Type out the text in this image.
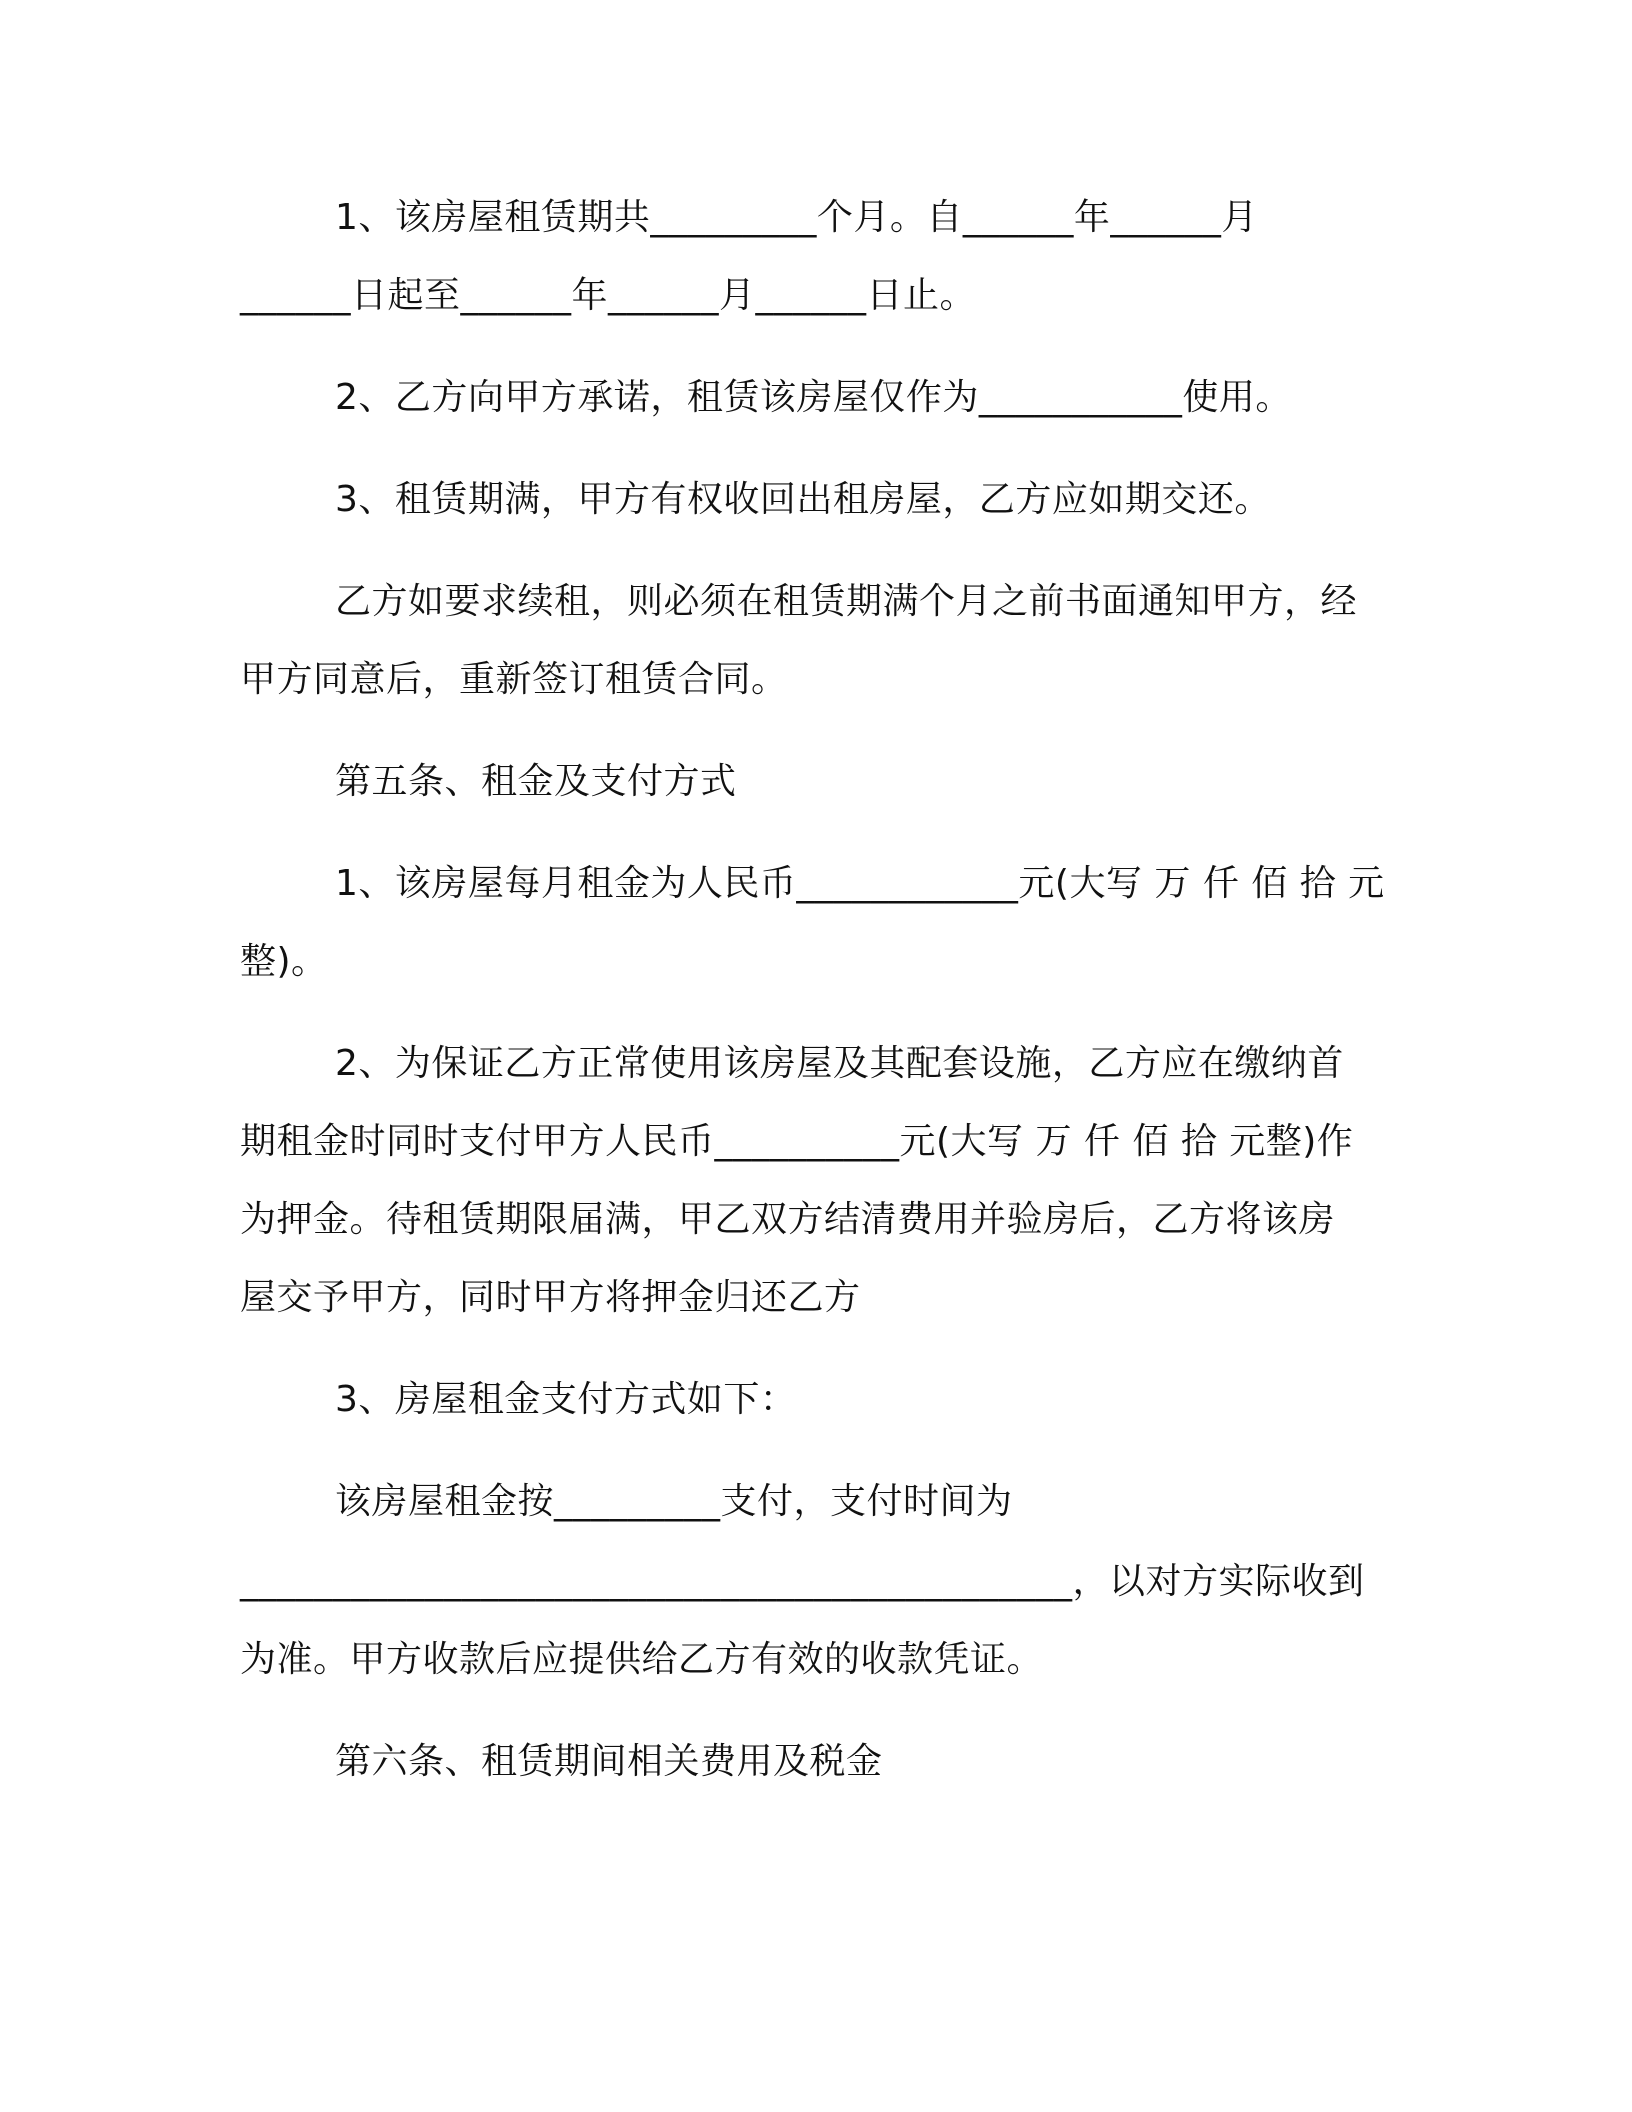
1、该房屋租赁期共_________个月。自______年______月
______日起至______年______月______日止。
2、乙方向甲方承诺，租赁该房屋仅作为___________使用。
3、租赁期满，甲方有权收回出租房屋，乙方应如期交还。
乙方如要求续租，则必须在租赁期满个月之前书面通知甲方，经
甲方同意后，重新签订租赁合同。
第五条、租金及支付方式
1、该房屋每月租金为人民币____________元(大写 万 仟 佰 拾 元
整)。
2、为保证乙方正常使用该房屋及其配套设施，乙方应在缴纳首
期租金时同时支付甲方人民币__________元(大写 万 仟 佰 拾 元整)作
为押金。待租赁期限届满，甲乙双方结清费用并验房后，乙方将该房
屋交予甲方，同时甲方将押金归还乙方
3、房屋租金支付方式如下：
该房屋租金按_________支付，支付时间为
_____________________________________________，以对方实际收到
为准。甲方收款后应提供给乙方有效的收款凭证。
第六条、租赁期间相关费用及税金
